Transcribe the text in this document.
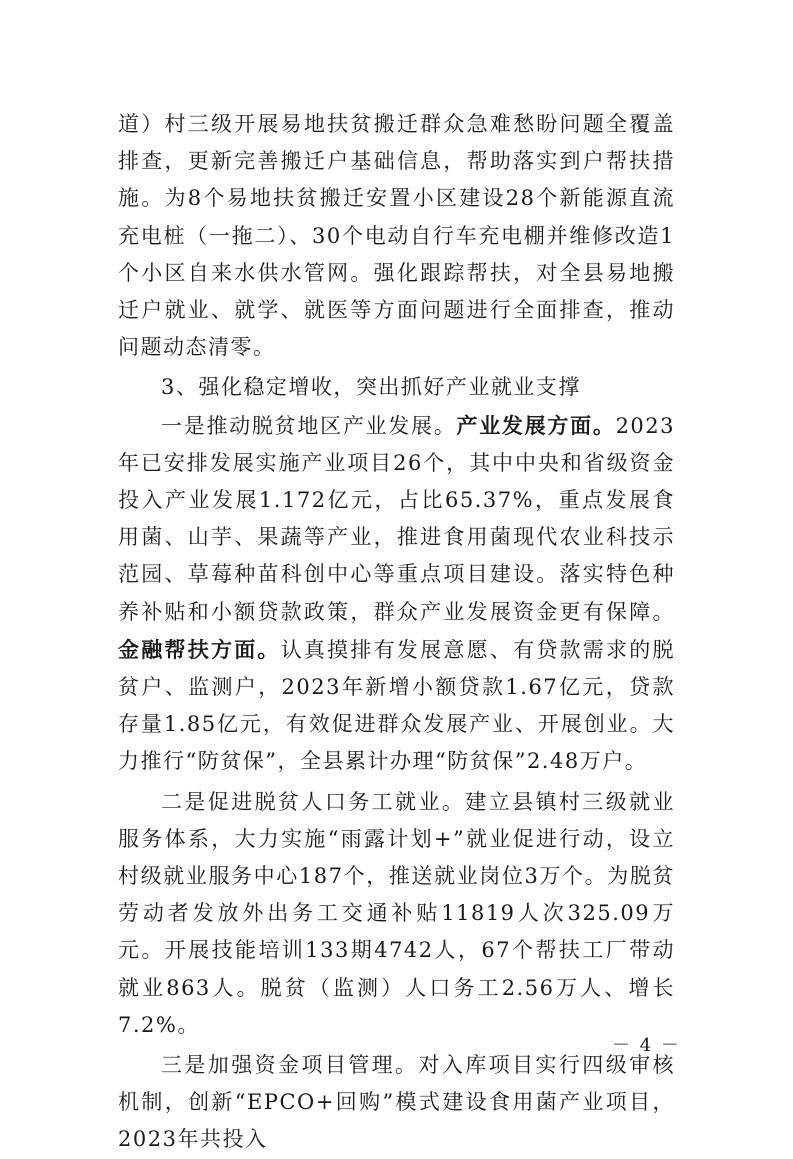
道）村三级开展易地扶贫搬迁群众急难愁盼问题全覆盖排查，更新完善搬迁户基础信息，帮助落实到户帮扶措施。为8个易地扶贫搬迁安置小区建设28个新能源直流充电桩（一拖二）、30个电动自行车充电棚并维修改造1个小区自来水供水管网。强化跟踪帮扶，对全县易地搬迁户就业、就学、就医等方面问题进行全面排查，推动问题动态清零。

3、强化稳定增收，突出抓好产业就业支撑

一是推动脱贫地区产业发展。产业发展方面。2023年已安排发展实施产业项目26个，其中中央和省级资金投入产业发展1.172亿元，占比65.37%，重点发展食用菌、山芋、果蔬等产业，推进食用菌现代农业科技示范园、草莓种苗科创中心等重点项目建设。落实特色种养补贴和小额贷款政策，群众产业发展资金更有保障。金融帮扶方面。认真摸排有发展意愿、有贷款需求的脱贫户、监测户，2023年新增小额贷款1.67亿元，贷款存量1.85亿元，有效促进群众发展产业、开展创业。大力推行“防贫保”，全县累计办理“防贫保”2.48万户。

二是促进脱贫人口务工就业。建立县镇村三级就业服务体系，大力实施“雨露计划+”就业促进行动，设立村级就业服务中心187个，推送就业岗位3万个。为脱贫劳动者发放外出务工交通补贴11819人次325.09万元。开展技能培训133期4742人，67个帮扶工厂带动就业863人。脱贫（监测）人口务工2.56万人、增长7.2%。

三是加强资金项目管理。对入库项目实行四级审核机制，创新“EPCO+回购”模式建设食用菌产业项目，2023年共投入

－ 4 －
